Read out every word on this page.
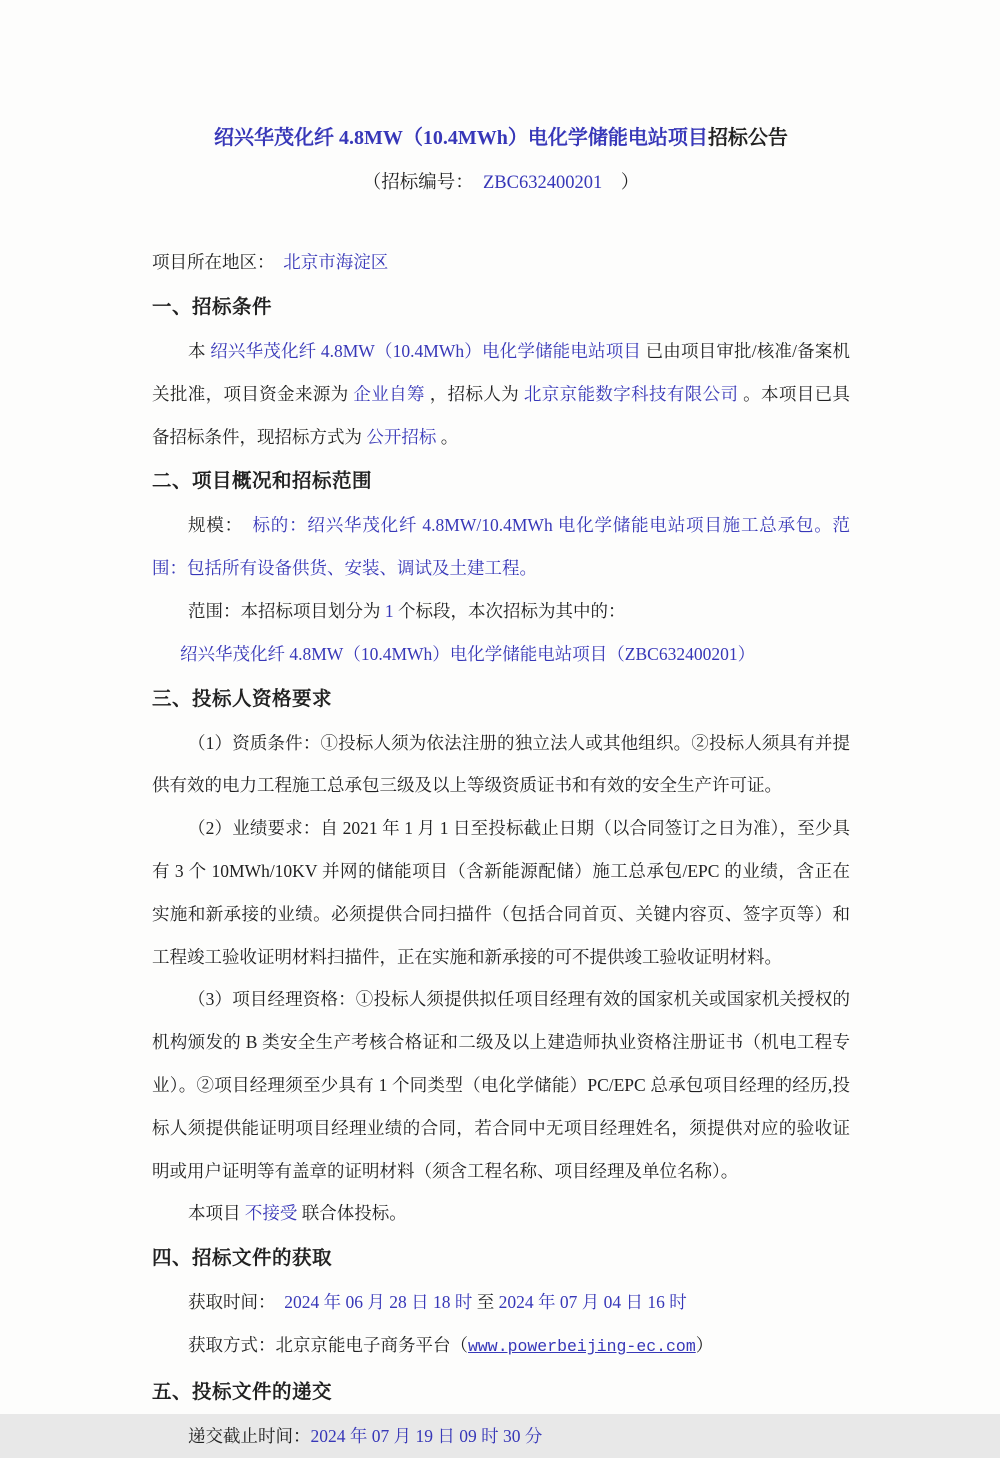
绍兴华茂化纤 4.8MW（10.4MWh）电化学储能电站项目招标公告
（招标编号：　ZBC632400201　）
项目所在地区：　北京市海淀区
一、招标条件
本 绍兴华茂化纤 4.8MW（10.4MWh）电化学储能电站项目 已由项目审批/核准/备案机关批准，项目资金来源为 企业自筹 ，招标人为 北京京能数字科技有限公司 。本项目已具备招标条件，现招标方式为 公开招标 。
二、项目概况和招标范围
规模：　标的：绍兴华茂化纤 4.8MW/10.4MWh 电化学储能电站项目施工总承包。范围：包括所有设备供货、安装、调试及土建工程。
范围：本招标项目划分为 1 个标段，本次招标为其中的：
绍兴华茂化纤 4.8MW（10.4MWh）电化学储能电站项目（ZBC632400201）
三、投标人资格要求
（1）资质条件：①投标人须为依法注册的独立法人或其他组织。②投标人须具有并提供有效的电力工程施工总承包三级及以上等级资质证书和有效的安全生产许可证。
（2）业绩要求：自 2021 年 1 月 1 日至投标截止日期（以合同签订之日为准），至少具有 3 个 10MWh/10KV 并网的储能项目（含新能源配储）施工总承包/EPC 的业绩，含正在实施和新承接的业绩。必须提供合同扫描件（包括合同首页、关键内容页、签字页等）和工程竣工验收证明材料扫描件，正在实施和新承接的可不提供竣工验收证明材料。
（3）项目经理资格：①投标人须提供拟任项目经理有效的国家机关或国家机关授权的机构颁发的 B 类安全生产考核合格证和二级及以上建造师执业资格注册证书（机电工程专业）。②项目经理须至少具有 1 个同类型（电化学储能）PC/EPC 总承包项目经理的经历,投标人须提供能证明项目经理业绩的合同，若合同中无项目经理姓名，须提供对应的验收证明或用户证明等有盖章的证明材料（须含工程名称、项目经理及单位名称）。
本项目 不接受 联合体投标。
四、招标文件的获取
获取时间：　2024 年 06 月 28 日 18 时 至 2024 年 07 月 04 日 16 时
获取方式：北京京能电子商务平台（www.powerbeijing-ec.com）
五、投标文件的递交
递交截止时间：2024 年 07 月 19 日 09 时 30 分
